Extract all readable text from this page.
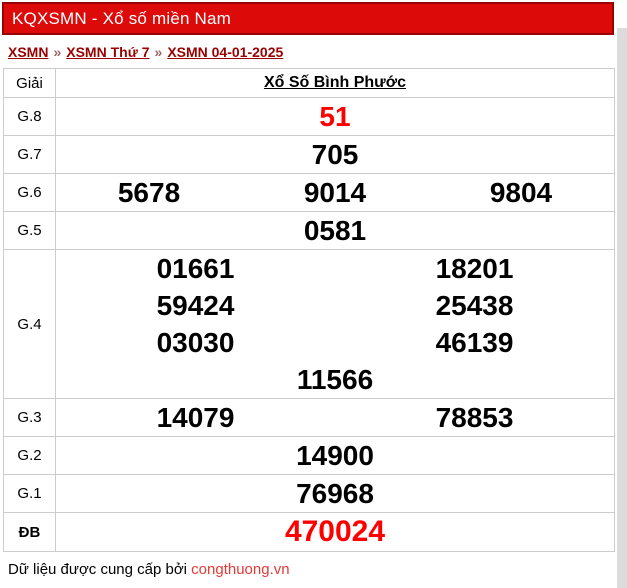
KQXSMN - Xổ số miền Nam
XSMN » XSMN Thứ 7 » XSMN 04-01-2025
Giải	Xổ Số Bình Phước
G.8	51
G.7	705
G.6	5678	9014	9804
G.5	0581
G.4
01661	18201
59424	25438
03030	46139
11566
G.3	14079	78853
G.2	14900
G.1	76968
ĐB	470024
Dữ liệu được cung cấp bởi congthuong.vn
